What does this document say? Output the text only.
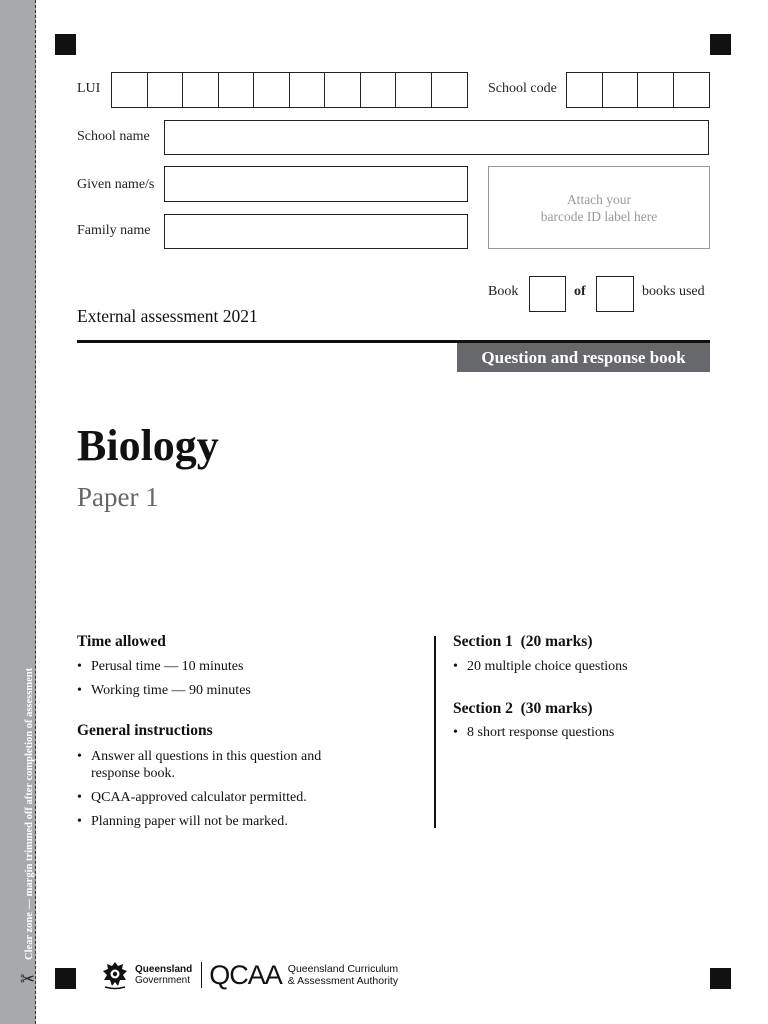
Clear zone — margin trimmed off after completion of assessment
✂
LUI	School code
School name
Given name/s
Family name
Attach your
barcode ID label here
Book	of	books used
External assessment 2021
Question and response book
Biology
Paper 1
Time allowed
• Perusal time — 10 minutes
• Working time — 90 minutes
General instructions
• Answer all questions in this question and response book.
• QCAA-approved calculator permitted.
• Planning paper will not be marked.
Section 1  (20 marks)
• 20 multiple choice questions
Section 2  (30 marks)
• 8 short response questions
Queensland
Government QCAA Queensland Curriculum
& Assessment Authority
